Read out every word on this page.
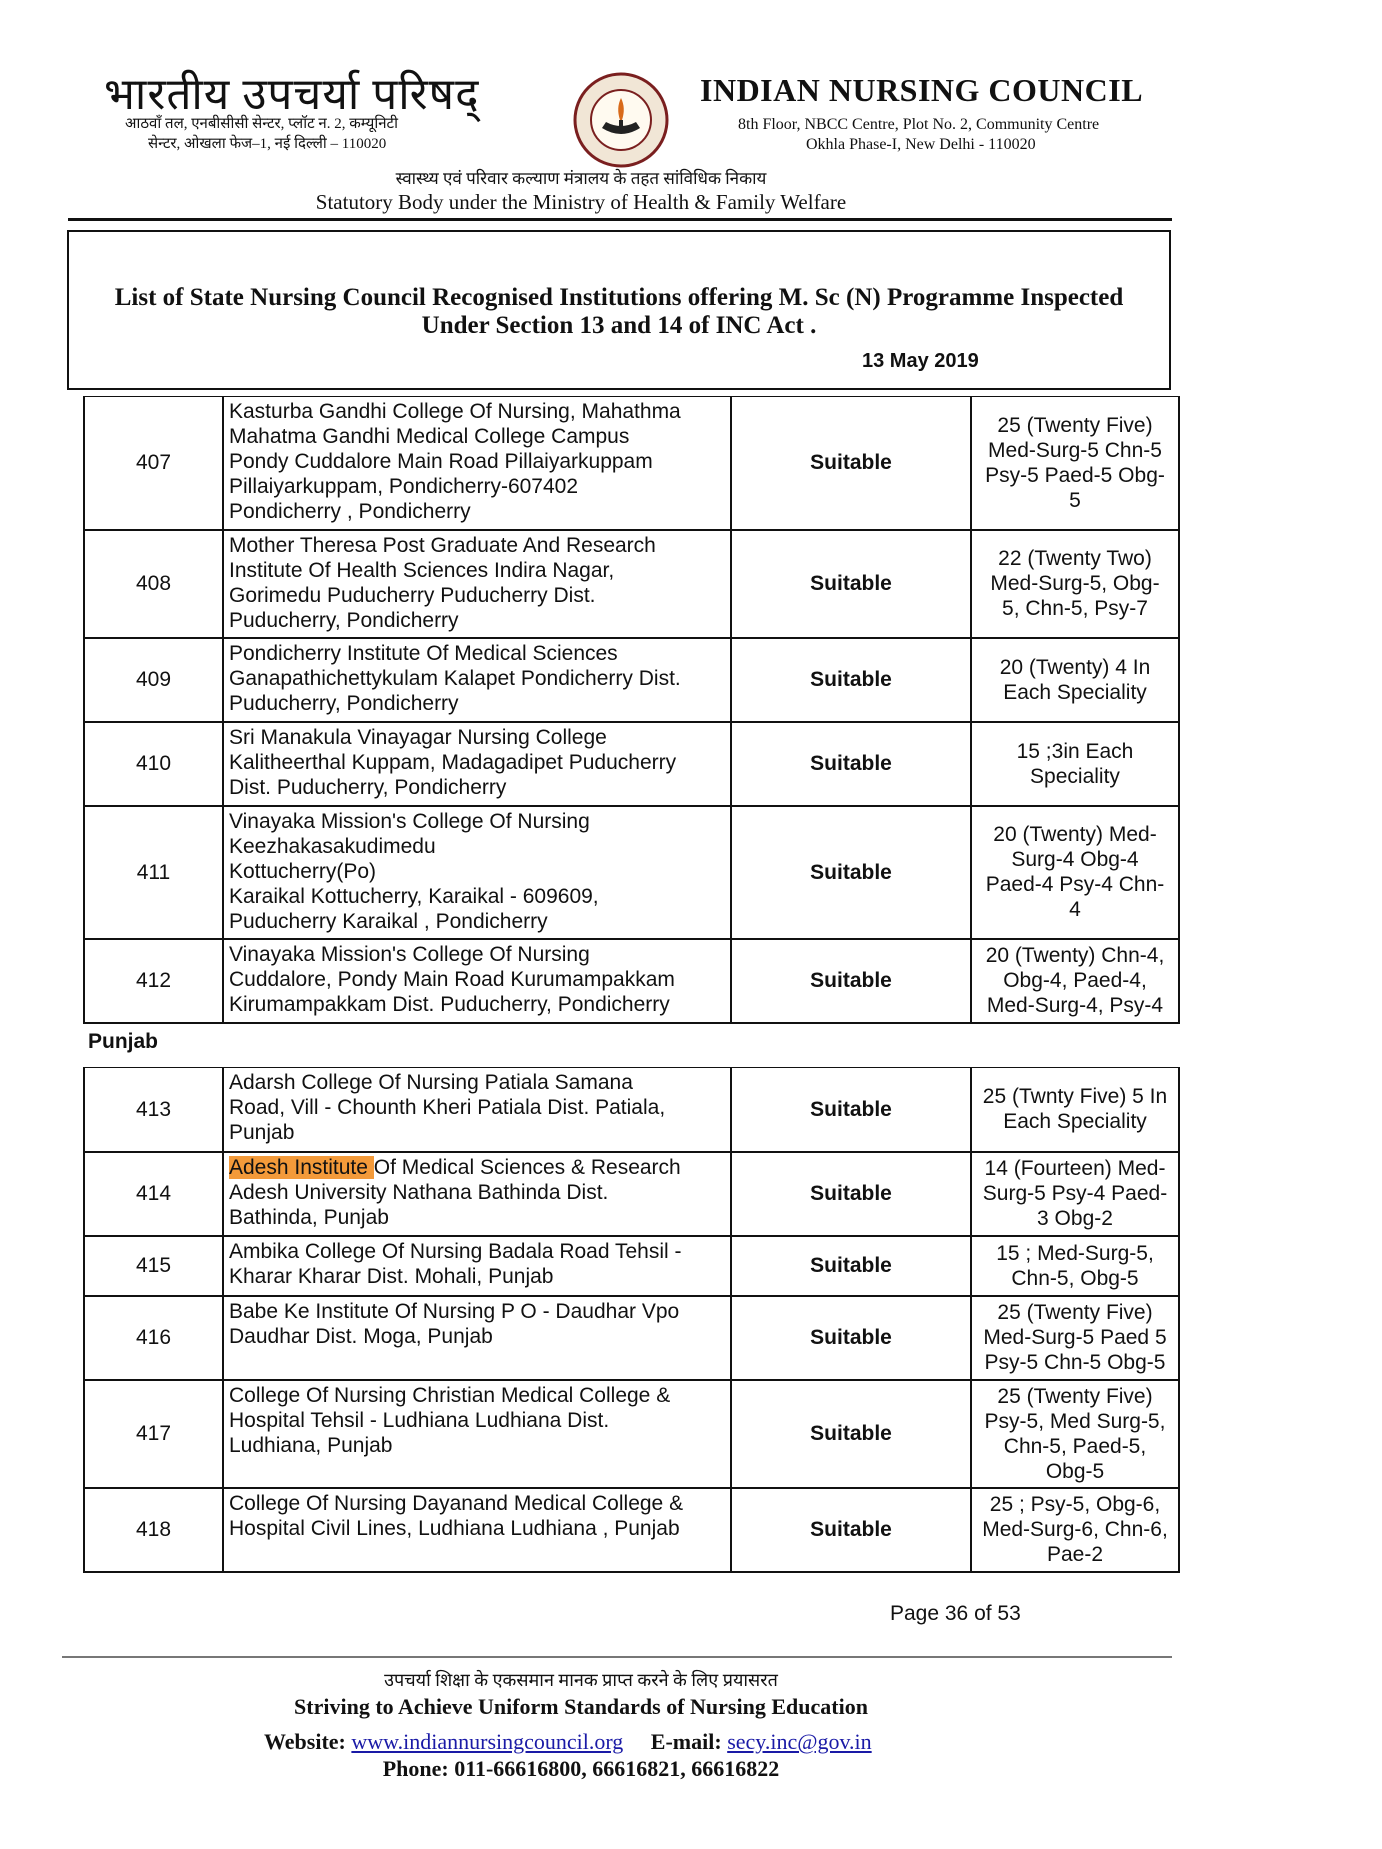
भारतीय उपचर्या परिषद्
आठवाँ तल, एनबीसीसी सेन्टर, प्लॉट न. 2, कम्यूनिटी
सेन्टर, ओखला फेज–1, नई दिल्ली – 110020
INDIAN NURSING COUNCIL
8th Floor, NBCC Centre, Plot No. 2, Community Centre
Okhla Phase-I, New Delhi - 110020
स्वास्थ्य एवं परिवार कल्याण मंत्रालय के तहत सांविधिक निकाय
Statutory Body under the Ministry of Health & Family Welfare
List of State Nursing Council Recognised Institutions offering M. Sc (N) Programme Inspected
Under Section 13 and 14 of INC Act .
13 May 2019
407	Kasturba Gandhi College Of Nursing, Mahathma
Mahatma Gandhi Medical College Campus
Pondy Cuddalore Main Road Pillaiyarkuppam
Pillaiyarkuppam, Pondicherry-607402
Pondicherry , Pondicherry	Suitable	25 (Twenty Five)
Med-Surg-5 Chn-5
Psy-5 Paed-5 Obg-
5
408	Mother Theresa Post Graduate And Research
Institute Of Health Sciences Indira Nagar,
Gorimedu Puducherry Puducherry Dist.
Puducherry, Pondicherry	Suitable	22 (Twenty Two)
Med-Surg-5, Obg-
5, Chn-5, Psy-7
409	Pondicherry Institute Of Medical Sciences
Ganapathichettykulam Kalapet Pondicherry Dist.
Puducherry, Pondicherry	Suitable	20 (Twenty) 4 In
Each Speciality
410	Sri Manakula Vinayagar Nursing College
Kalitheerthal Kuppam, Madagadipet Puducherry
Dist. Puducherry, Pondicherry	Suitable	15 ;3in Each
Speciality
411	Vinayaka Mission's College Of Nursing
Keezhakasakudimedu
Kottucherry(Po)
Karaikal Kottucherry, Karaikal - 609609,
Puducherry Karaikal , Pondicherry	Suitable	20 (Twenty) Med-
Surg-4 Obg-4
Paed-4 Psy-4 Chn-
4
412	Vinayaka Mission's College Of Nursing
Cuddalore, Pondy Main Road Kurumampakkam
Kirumampakkam Dist. Puducherry, Pondicherry	Suitable	20 (Twenty) Chn-4,
Obg-4, Paed-4,
Med-Surg-4, Psy-4
Punjab
413	Adarsh College Of Nursing Patiala Samana
Road, Vill - Chounth Kheri Patiala Dist. Patiala,
Punjab	Suitable	25 (Twnty Five) 5 In
Each Speciality
414	Adesh Institute Of Medical Sciences & Research
Adesh University Nathana Bathinda Dist.
Bathinda, Punjab	Suitable	14 (Fourteen) Med-
Surg-5 Psy-4 Paed-
3 Obg-2
415	Ambika College Of Nursing Badala Road Tehsil -
Kharar Kharar Dist. Mohali, Punjab	Suitable	15 ; Med-Surg-5,
Chn-5, Obg-5
416	Babe Ke Institute Of Nursing P O - Daudhar Vpo
Daudhar Dist. Moga, Punjab	Suitable	25 (Twenty Five)
Med-Surg-5 Paed 5
Psy-5 Chn-5 Obg-5
417	College Of Nursing Christian Medical College &
Hospital Tehsil - Ludhiana Ludhiana Dist.
Ludhiana, Punjab	Suitable	25 (Twenty Five)
Psy-5, Med Surg-5,
Chn-5, Paed-5,
Obg-5
418	College Of Nursing Dayanand Medical College &
Hospital Civil Lines, Ludhiana Ludhiana , Punjab	Suitable	25 ; Psy-5, Obg-6,
Med-Surg-6, Chn-6,
Pae-2
Page 36 of 53
उपचर्या शिक्षा के एकसमान मानक प्राप्त करने के लिए प्रयासरत
Striving to Achieve Uniform Standards of Nursing Education
Website: www.indiannursingcouncil.org E-mail: secy.inc@gov.in
Phone: 011-66616800, 66616821, 66616822
